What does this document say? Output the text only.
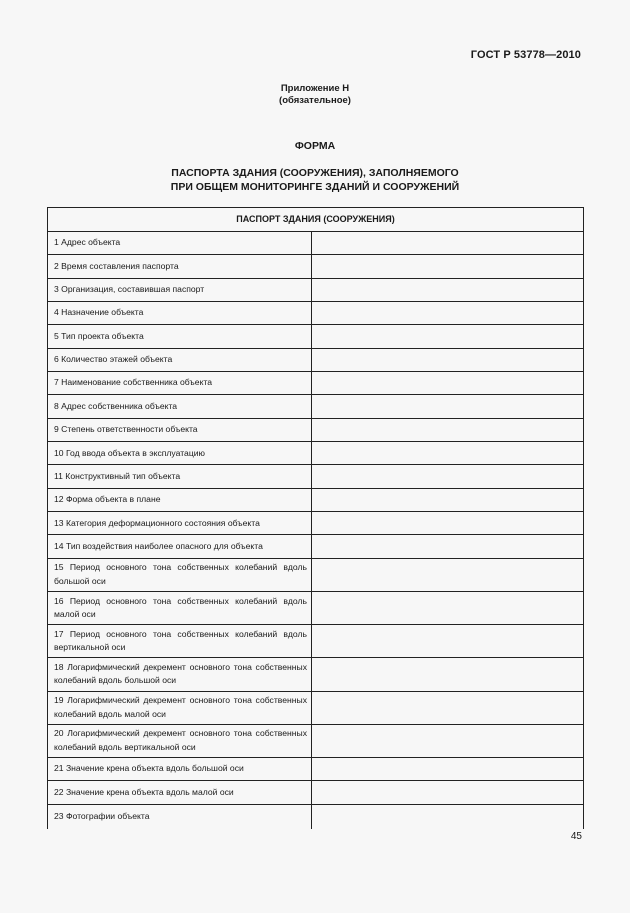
ГОСТ Р 53778—2010
Приложение Н
(обязательное)
ФОРМА
ПАСПОРТА ЗДАНИЯ (СООРУЖЕНИЯ), ЗАПОЛНЯЕМОГО
ПРИ ОБЩЕМ МОНИТОРИНГЕ ЗДАНИЙ И СООРУЖЕНИЙ
ПАСПОРТ ЗДАНИЯ (СООРУЖЕНИЯ)
1 Адрес объекта
2 Время составления паспорта
3 Организация, составившая паспорт
4 Назначение объекта
5 Тип проекта объекта
6 Количество этажей объекта
7 Наименование собственника объекта
8 Адрес собственника объекта
9 Степень ответственности объекта
10 Год ввода объекта в эксплуатацию
11 Конструктивный тип объекта
12 Форма объекта в плане
13 Категория деформационного состояния объекта
14 Тип воздействия наиболее опасного для объекта
15 Период основного тона собственных колебаний вдоль большой оси
16 Период основного тона собственных колебаний вдоль малой оси
17 Период основного тона собственных колебаний вдоль вертикальной оси
18 Логарифмический декремент основного тона собственных колебаний вдоль большой оси
19 Логарифмический декремент основного тона собственных колебаний вдоль малой оси
20 Логарифмический декремент основного тона собственных колебаний вдоль вертикальной оси
21 Значение крена объекта вдоль большой оси
22 Значение крена объекта вдоль малой оси
23 Фотографии объекта
45
